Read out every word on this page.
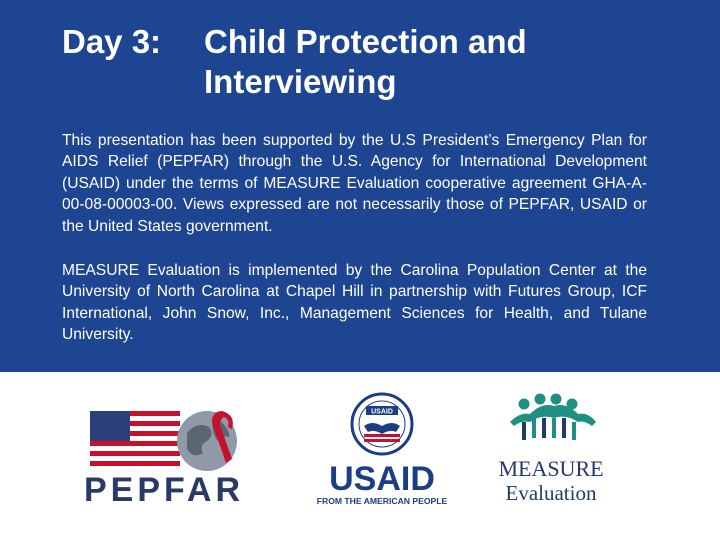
Day 3: Child Protection and Interviewing
This presentation has been supported by the U.S President’s Emergency Plan for AIDS Relief (PEPFAR) through the U.S. Agency for International Development (USAID) under the terms of MEASURE Evaluation cooperative agreement GHA-A-00-08-00003-00. Views expressed are not necessarily those of PEPFAR, USAID or the United States government.
MEASURE Evaluation is implemented by the Carolina Population Center at the University of North Carolina at Chapel Hill in partnership with Futures Group, ICF International, John Snow, Inc., Management Sciences for Health, and Tulane University.
PEPFAR
USAID
USAID
FROM THE AMERICAN PEOPLE
MEASURE
Evaluation
